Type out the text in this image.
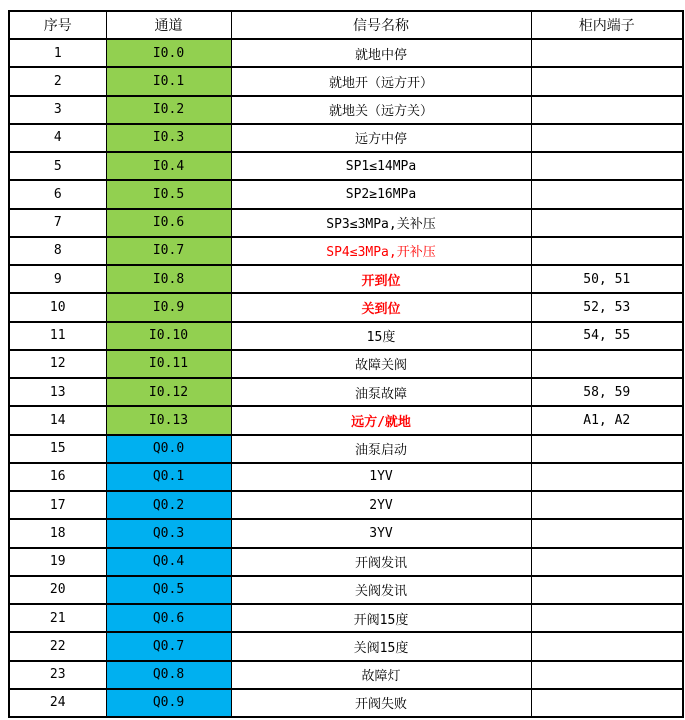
序号	通道	信号名称	柜内端子
1	I0.0	就地中停	
2	I0.1	就地开（远方开）	
3	I0.2	就地关（远方关）	
4	I0.3	远方中停	
5	I0.4	SP1≤14MPa	
6	I0.5	SP2≥16MPa	
7	I0.6	SP3≤3MPa,关补压	
8	I0.7	SP4≤3MPa,开补压	
9	I0.8	开到位	50, 51
10	I0.9	关到位	52, 53
11	I0.10	15度	54, 55
12	I0.11	故障关阀	
13	I0.12	油泵故障	58, 59
14	I0.13	远方/就地	A1, A2
15	Q0.0	油泵启动	
16	Q0.1	1YV	
17	Q0.2	2YV	
18	Q0.3	3YV	
19	Q0.4	开阀发讯	
20	Q0.5	关阀发讯	
21	Q0.6	开阀15度	
22	Q0.7	关阀15度	
23	Q0.8	故障灯	
24	Q0.9	开阀失败	
